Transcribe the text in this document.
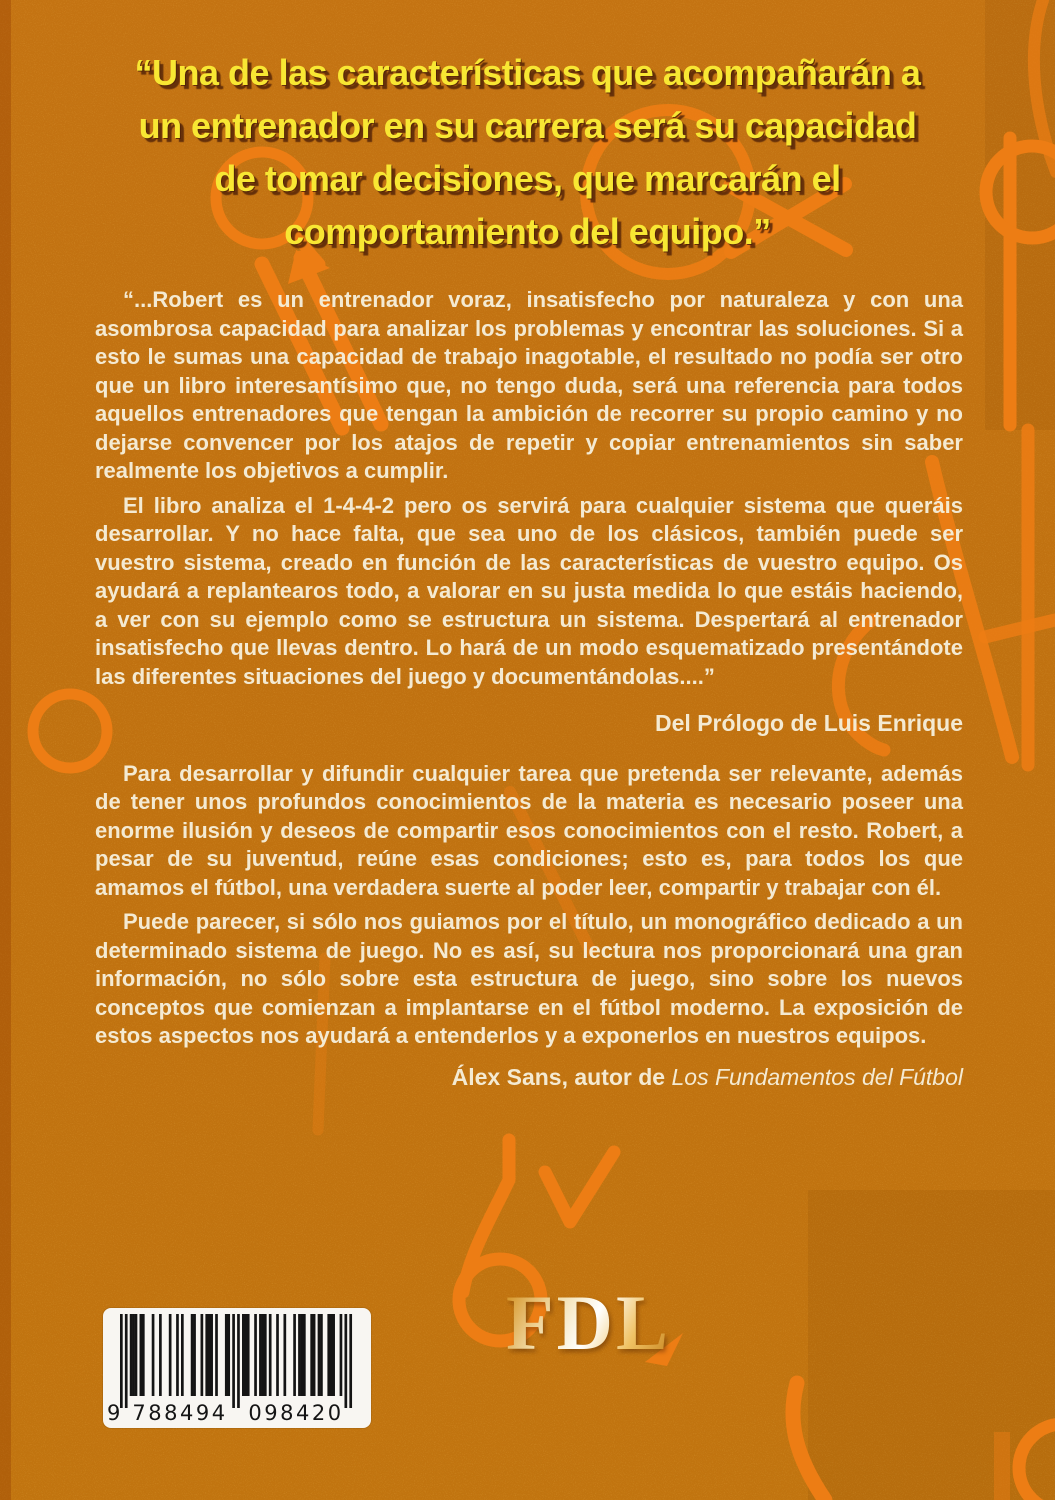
“Una de las características que acompañarán a
un entrenador en su carrera será su capacidad
de tomar decisiones, que marcarán el
comportamiento del equipo.”

“...Robert es un entrenador voraz, insatisfecho por naturaleza y con una asombrosa capacidad para analizar los problemas y encontrar las soluciones. Si a esto le sumas una capacidad de trabajo inagotable, el resultado no podía ser otro que un libro interesantísimo que, no tengo duda, será una referencia para todos aquellos entrenadores que tengan la ambición de recorrer su propio camino y no dejarse convencer por los atajos de repetir y copiar entrenamientos sin saber realmente los objetivos a cumplir.

El libro analiza el 1-4-4-2 pero os servirá para cualquier sistema que queráis desarrollar. Y no hace falta, que sea uno de los clásicos, también puede ser vuestro sistema, creado en función de las características de vuestro equipo. Os ayudará a replantearos todo, a valorar en su justa medida lo que estáis haciendo, a ver con su ejemplo como se estructura un sistema. Despertará al entrenador insatisfecho que llevas dentro. Lo hará de un modo esquematizado presentándote las diferentes situaciones del juego y documentándolas....”

Del Prólogo de Luis Enrique

Para desarrollar y difundir cualquier tarea que pretenda ser relevante, además de tener unos profundos conocimientos de la materia es necesario poseer una enorme ilusión y deseos de compartir esos conocimientos con el resto. Robert, a pesar de su juventud, reúne esas condiciones; esto es, para todos los que amamos el fútbol, una verdadera suerte al poder leer, compartir y trabajar con él.

Puede parecer, si sólo nos guiamos por el título, un monográfico dedicado a un determinado sistema de juego. No es así, su lectura nos proporcionará una gran información, no sólo sobre esta estructura de juego, sino sobre los nuevos conceptos que comienzan a implantarse en el fútbol moderno. La exposición de estos aspectos nos ayudará a entenderlos y a exponerlos en nuestros equipos.

Álex Sans, autor de Los Fundamentos del Fútbol
9 788494 098420
FDL
